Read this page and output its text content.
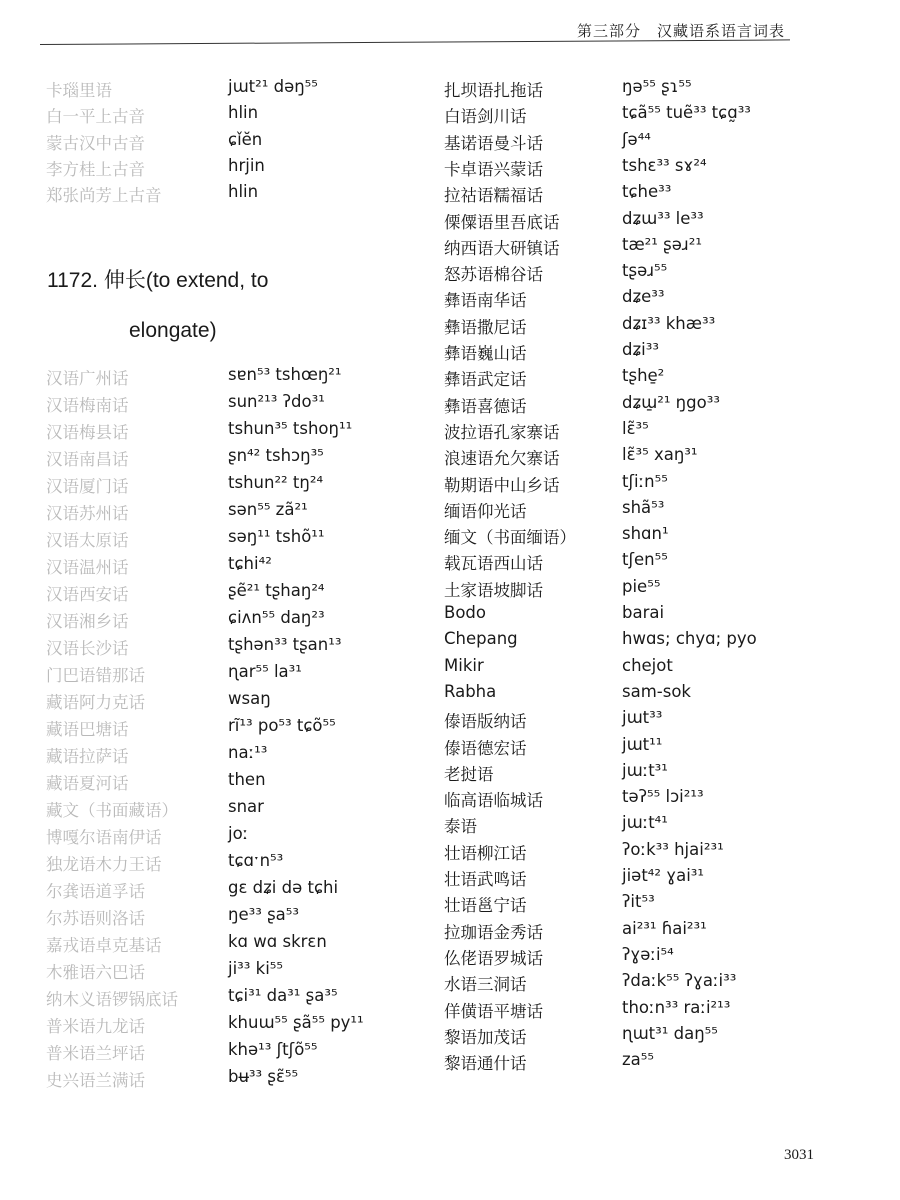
第三部分　汉藏语系语言词表
卡瑙里语	jɯt²¹ dəŋ⁵⁵
白一平上古音	hlin
蒙古汉中古音	ɕǐĕn
李方桂上古音	hrjin
郑张尚芳上古音	hlin
1172. 伸长(to extend, to
elongate)
汉语广州话	sɐn⁵³ tshœŋ²¹
汉语梅南话	sun²¹³ ʔdo³¹
汉语梅县话	tshun³⁵ tshoŋ¹¹
汉语南昌话	ʂn⁴² tshɔŋ³⁵
汉语厦门话	tshun²² tŋ²⁴
汉语苏州话	sən⁵⁵ zã²¹
汉语太原话	səŋ¹¹ tshõ¹¹
汉语温州话	tɕhi⁴²
汉语西安话	ʂẽ²¹ tʂhaŋ²⁴
汉语湘乡话	ɕiʌn⁵⁵ daŋ²³
汉语长沙话	tʂhən³³ tʂan¹³
门巴语错那话	ɳar⁵⁵ la³¹
藏语阿力克话	wsaŋ
藏语巴塘话	rĩ¹³ po⁵³ tɕõ⁵⁵
藏语拉萨话	naː¹³
藏语夏河话	then
藏文（书面藏语）	snar
博嘎尔语南伊话	joː
独龙语木力王话	tɕɑˑn⁵³
尔龚语道孚话	gɛ dʑi də tɕhi
尔苏语则洛话	ŋe³³ ʂa⁵³
嘉戎语卓克基话	kɑ wɑ skrɛn
木雅语六巴话	ji³³ ki⁵⁵
纳木义语锣锅底话	tɕi³¹ da³¹ ʂa³⁵
普米语九龙话	khuɯ⁵⁵ ʂã⁵⁵ py¹¹
普米语兰坪话	khə¹³ ʃtʃõ⁵⁵
史兴语兰满话	bʉ³³ ʂɛ̃⁵⁵
扎坝语扎拖话	ŋə⁵⁵ ʂɿ⁵⁵
白语剑川话	tɕã⁵⁵ tuẽ³³ tɕɑ̰³³
基诺语曼斗话	ʃə⁴⁴
卡卓语兴蒙话	tshɛ³³ sɤ²⁴
拉祜语糯福话	tɕhe³³
傈僳语里吾底话	dʑɯ³³ le³³
纳西语大研镇话	tæ²¹ ʂəɹ²¹
怒苏语棉谷话	tʂəɹ⁵⁵
彝语南华话	dʑe³³
彝语撒尼话	dʑɪ³³ khæ³³
彝语巍山话	dʑi³³
彝语武定话	tʂhe̱²
彝语喜德话	dʑɯ̱²¹ ŋgo³³
波拉语孔家寨话	lɛ̃³⁵
浪速语允欠寨话	lɛ̃³⁵ xaŋ³¹
勒期语中山乡话	tʃiːn⁵⁵
缅语仰光话	shã⁵³
缅文（书面缅语）	shɑn¹
载瓦语西山话	tʃen⁵⁵
土家语坡脚话	pie⁵⁵
Bodo	barai
Chepang	hwɑs; chyɑ; pyo
Mikir	chejot
Rabha	sam-sok
傣语版纳话	jɯt³³
傣语德宏话	jɯt¹¹
老挝语	jɯːt³¹
临高语临城话	təʔ⁵⁵ lɔi²¹³
泰语	jɯːt⁴¹
壮语柳江话	ʔoːk³³ hjai²³¹
壮语武鸣话	jiət⁴² ɣai³¹
壮语邕宁话	ʔit⁵³
拉珈语金秀话	ai²³¹ ɦai²³¹
仫佬语罗城话	ʔɣəːi⁵⁴
水语三洞话	ʔdaːk⁵⁵ ʔɣaːi³³
佯僙语平塘话	thoːn³³ raːi²¹³
黎语加茂话	ɳɯt³¹ daŋ⁵⁵
黎语通什话	za⁵⁵
3031
